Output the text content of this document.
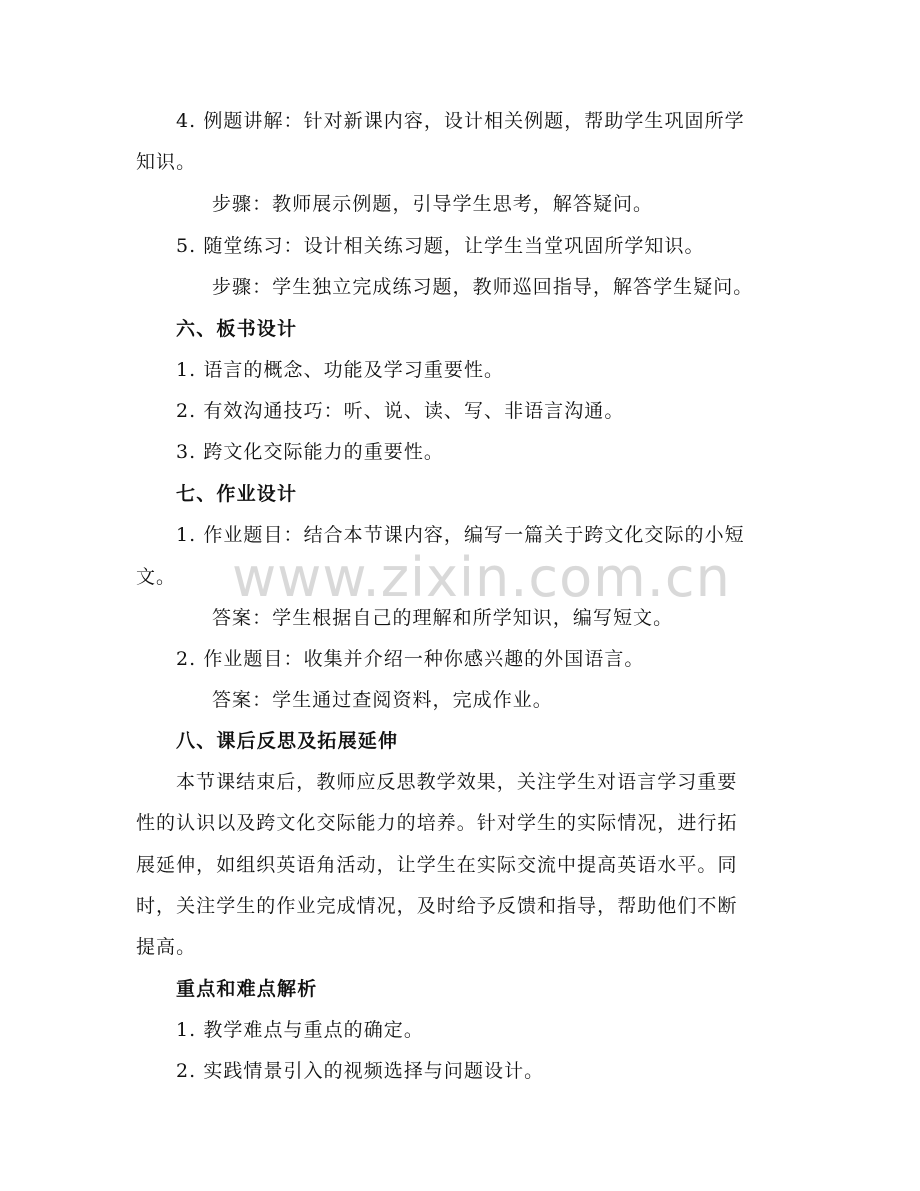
www.zixin.com.cn
4. 例题讲解：针对新课内容，设计相关例题，帮助学生巩固所学
知识。
步骤：教师展示例题，引导学生思考，解答疑问。
5. 随堂练习：设计相关练习题，让学生当堂巩固所学知识。
步骤：学生独立完成练习题，教师巡回指导，解答学生疑问。
六、板书设计
1. 语言的概念、功能及学习重要性。
2. 有效沟通技巧：听、说、读、写、非语言沟通。
3. 跨文化交际能力的重要性。
七、作业设计
1. 作业题目：结合本节课内容，编写一篇关于跨文化交际的小短
文。
答案：学生根据自己的理解和所学知识，编写短文。
2. 作业题目：收集并介绍一种你感兴趣的外国语言。
答案：学生通过查阅资料，完成作业。
八、课后反思及拓展延伸
本节课结束后，教师应反思教学效果，关注学生对语言学习重要
性的认识以及跨文化交际能力的培养。针对学生的实际情况，进行拓
展延伸，如组织英语角活动，让学生在实际交流中提高英语水平。同
时，关注学生的作业完成情况，及时给予反馈和指导，帮助他们不断
提高。
重点和难点解析
1. 教学难点与重点的确定。
2. 实践情景引入的视频选择与问题设计。
